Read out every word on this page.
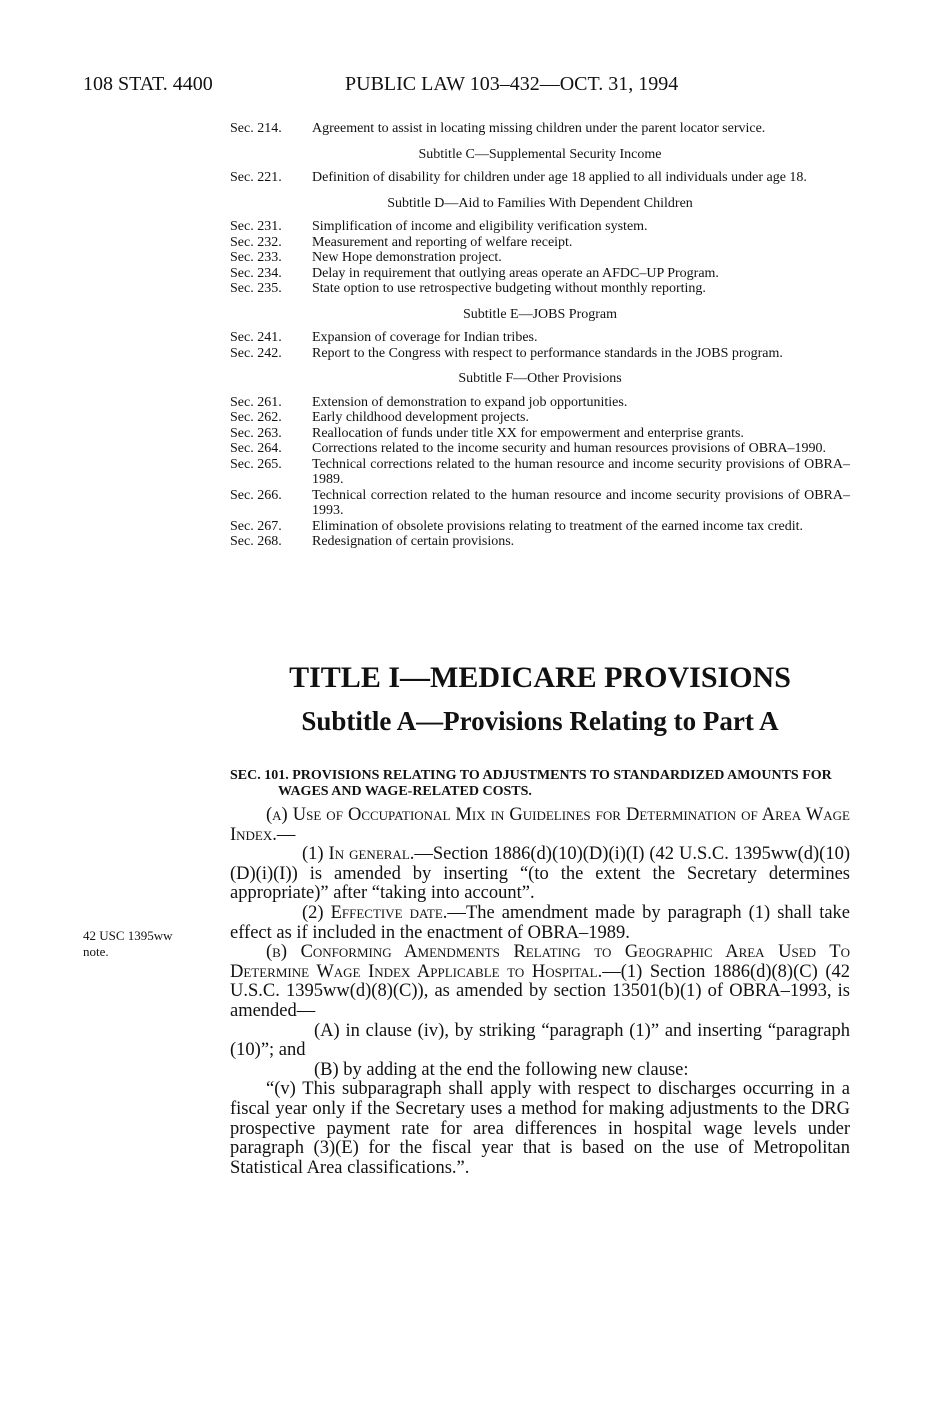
108 STAT. 4400	PUBLIC LAW 103–432—OCT. 31, 1994
Sec. 214.	Agreement to assist in locating missing children under the parent locator service.
Subtitle C—Supplemental Security Income
Sec. 221.	Definition of disability for children under age 18 applied to all individuals under age 18.
Subtitle D—Aid to Families With Dependent Children
Sec. 231.	Simplification of income and eligibility verification system.
Sec. 232.	Measurement and reporting of welfare receipt.
Sec. 233.	New Hope demonstration project.
Sec. 234.	Delay in requirement that outlying areas operate an AFDC–UP Program.
Sec. 235.	State option to use retrospective budgeting without monthly reporting.
Subtitle E—JOBS Program
Sec. 241.	Expansion of coverage for Indian tribes.
Sec. 242.	Report to the Congress with respect to performance standards in the JOBS program.
Subtitle F—Other Provisions
Sec. 261.	Extension of demonstration to expand job opportunities.
Sec. 262.	Early childhood development projects.
Sec. 263.	Reallocation of funds under title XX for empowerment and enterprise grants.
Sec. 264.	Corrections related to the income security and human resources provisions of OBRA–1990.
Sec. 265.	Technical corrections related to the human resource and income security provisions of OBRA–1989.
Sec. 266.	Technical correction related to the human resource and income security provisions of OBRA–1993.
Sec. 267.	Elimination of obsolete provisions relating to treatment of the earned income tax credit.
Sec. 268.	Redesignation of certain provisions.
TITLE I—MEDICARE PROVISIONS
Subtitle A—Provisions Relating to Part A
SEC. 101. PROVISIONS RELATING TO ADJUSTMENTS TO STANDARDIZED AMOUNTS FOR WAGES AND WAGE-RELATED COSTS.

(a) Use of Occupational Mix in Guidelines for Determination of Area Wage Index.—

(1) In general.—Section 1886(d)(10)(D)(i)(I) (42 U.S.C. 1395ww(d)(10)(D)(i)(I)) is amended by inserting “(to the extent the Secretary determines appropriate)” after “taking into account”.

(2) Effective date.—The amendment made by paragraph (1) shall take effect as if included in the enactment of OBRA–1989.

(b) Conforming Amendments Relating to Geographic Area Used To Determine Wage Index Applicable to Hospital.—(1) Section 1886(d)(8)(C) (42 U.S.C. 1395ww(d)(8)(C)), as amended by section 13501(b)(1) of OBRA–1993, is amended—

(A) in clause (iv), by striking “paragraph (1)” and inserting “paragraph (10)”; and

(B) by adding at the end the following new clause:

“(v) This subparagraph shall apply with respect to discharges occurring in a fiscal year only if the Secretary uses a method for making adjustments to the DRG prospective payment rate for area differences in hospital wage levels under paragraph (3)(E) for the fiscal year that is based on the use of Metropolitan Statistical Area classifications.”.

42 USC 1395ww
note.
